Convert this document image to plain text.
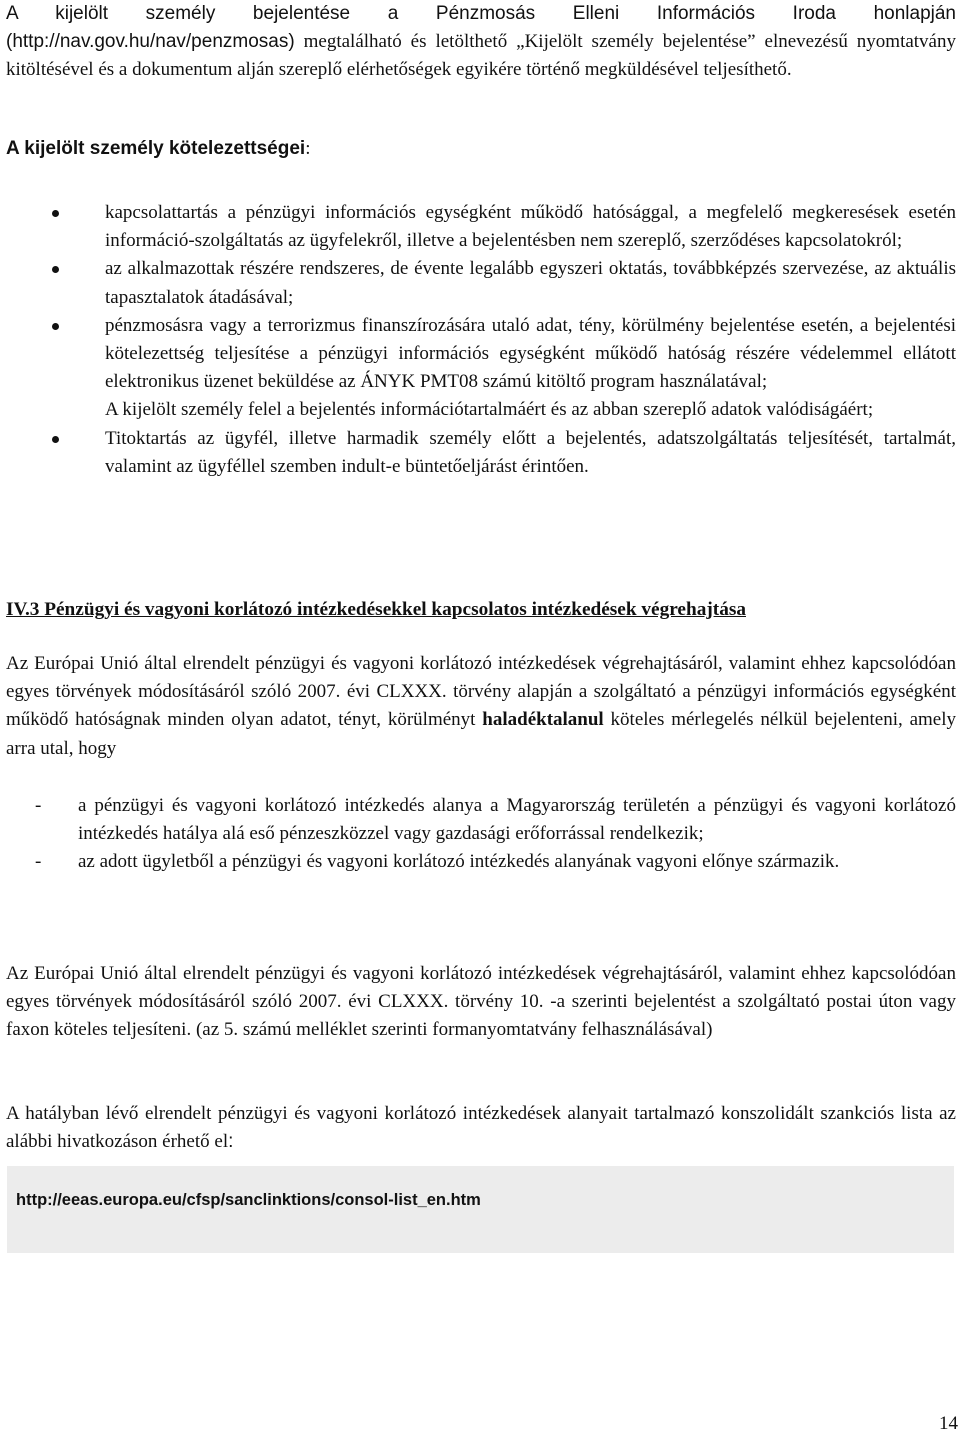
A kijelölt személy bejelentése a Pénzmosás Elleni Információs Iroda honlapján (http://nav.gov.hu/nav/penzmosas) megtalálható és letölthető „Kijelölt személy bejelentése” elnevezésű nyomtatvány kitöltésével és a dokumentum alján szereplő elérhetőségek egyikére történő megküldésével teljesíthető.

A kijelölt személy kötelezettségei:

kapcsolattartás a pénzügyi információs egységként működő hatósággal, a megfelelő megkeresések esetén információ-szolgáltatás az ügyfelekről, illetve a bejelentésben nem szereplő, szerződéses kapcsolatokról;
az alkalmazottak részére rendszeres, de évente legalább egyszeri oktatás, továbbképzés szervezése, az aktuális tapasztalatok átadásával;
pénzmosásra vagy a terrorizmus finanszírozására utaló adat, tény, körülmény bejelentése esetén, a bejelentési kötelezettség teljesítése a pénzügyi információs egységként működő hatóság részére védelemmel ellátott elektronikus üzenet beküldése az ÁNYK PMT08 számú kitöltő program használatával;
A kijelölt személy felel a bejelentés információtartalmáért és az abban szereplő adatok valódiságáért;
Titoktartás az ügyfél, illetve harmadik személy előtt a bejelentés, adatszolgáltatás teljesítését, tartalmát, valamint az ügyféllel szemben indult-e büntetőeljárást érintően.

IV.3 Pénzügyi és vagyoni korlátozó intézkedésekkel kapcsolatos intézkedések végrehajtása

Az Európai Unió által elrendelt pénzügyi és vagyoni korlátozó intézkedések végrehajtásáról, valamint ehhez kapcsolódóan egyes törvények módosításáról szóló 2007. évi CLXXX. törvény alapján a szolgáltató a pénzügyi információs egységként működő hatóságnak minden olyan adatot, tényt, körülményt haladéktalanul köteles mérlegelés nélkül bejelenteni, amely arra utal, hogy

- a pénzügyi és vagyoni korlátozó intézkedés alanya a Magyarország területén a pénzügyi és vagyoni korlátozó intézkedés hatálya alá eső pénzeszközzel vagy gazdasági erőforrással rendelkezik;
- az adott ügyletből a pénzügyi és vagyoni korlátozó intézkedés alanyának vagyoni előnye származik.

Az Európai Unió által elrendelt pénzügyi és vagyoni korlátozó intézkedések végrehajtásáról, valamint ehhez kapcsolódóan egyes törvények módosításáról szóló 2007. évi CLXXX. törvény 10. -a szerinti bejelentést a szolgáltató postai úton vagy faxon köteles teljesíteni. (az 5. számú melléklet szerinti formanyomtatvány felhasználásával)

A hatályban lévő elrendelt pénzügyi és vagyoni korlátozó intézkedések alanyait tartalmazó konszolidált szankciós lista az alábbi hivatkozáson érhető el:

http://eeas.europa.eu/cfsp/sanclinktions/consol-list_en.htm
14
